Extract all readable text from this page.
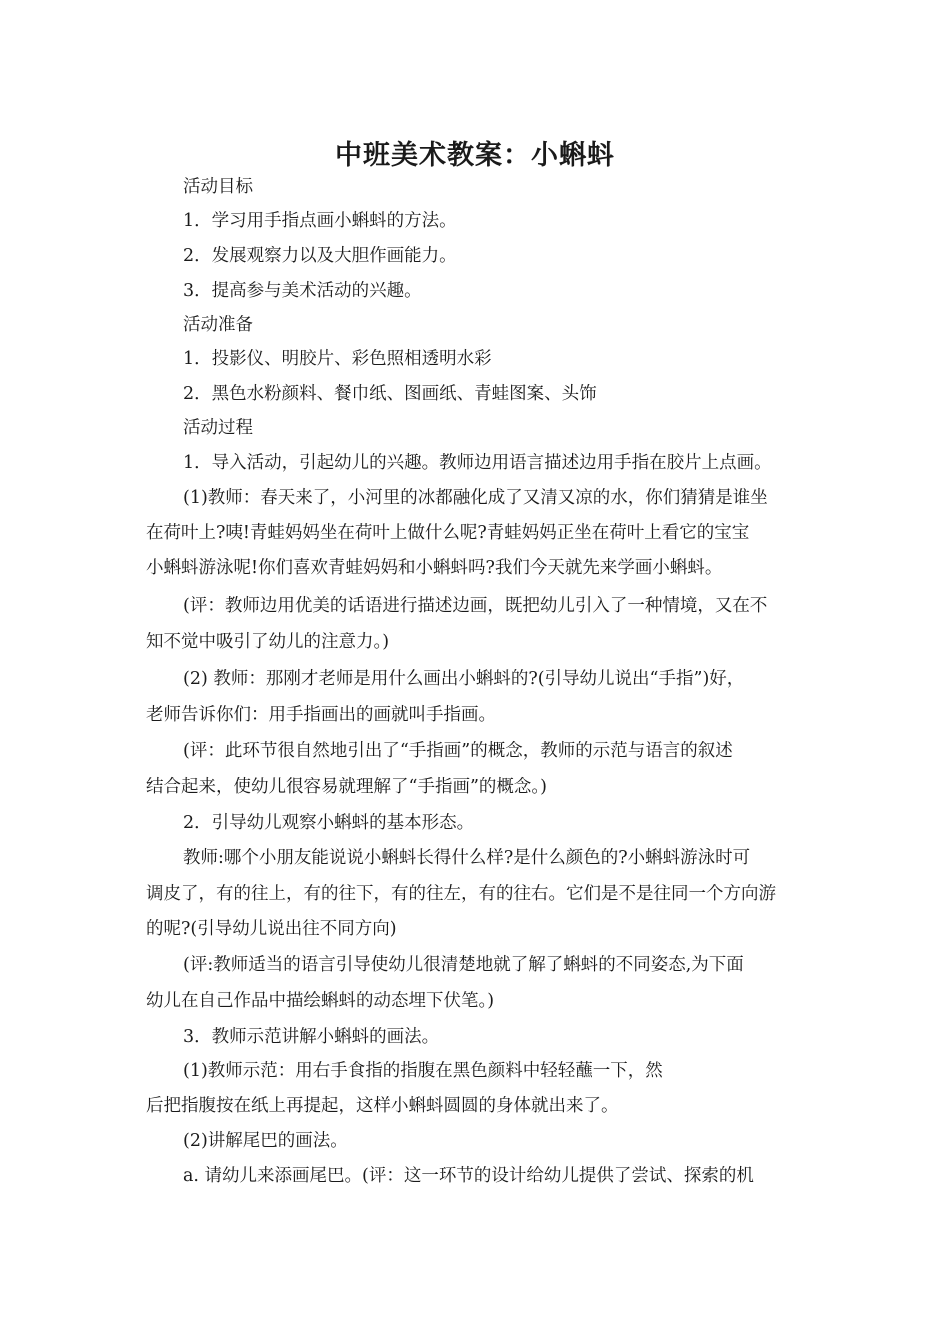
中班美术教案：小蝌蚪
活动目标
1．学习用手指点画小蝌蚪的方法。
2．发展观察力以及大胆作画能力。
3．提高参与美术活动的兴趣。
活动准备
1．投影仪、明胶片、彩色照相透明水彩
2．黑色水粉颜料、餐巾纸、图画纸、青蛙图案、头饰
活动过程
1．导入活动，引起幼儿的兴趣。教师边用语言描述边用手指在胶片上点画。
(1)教师：春天来了，小河里的冰都融化成了又清又凉的水，你们猜猜是谁坐
在荷叶上?咦!青蛙妈妈坐在荷叶上做什么呢?青蛙妈妈正坐在荷叶上看它的宝宝
小蝌蚪游泳呢!你们喜欢青蛙妈妈和小蝌蚪吗?我们今天就先来学画小蝌蚪。
(评：教师边用优美的话语进行描述边画，既把幼儿引入了一种情境，又在不
知不觉中吸引了幼儿的注意力。)
(2) 教师：那刚才老师是用什么画出小蝌蚪的?(引导幼儿说出“手指”)好，
老师告诉你们：用手指画出的画就叫手指画。
(评：此环节很自然地引出了“手指画”的概念，教师的示范与语言的叙述
结合起来，使幼儿很容易就理解了“手指画”的概念。)
2．引导幼儿观察小蝌蚪的基本形态。
教师:哪个小朋友能说说小蝌蚪长得什么样?是什么颜色的?小蝌蚪游泳时可
调皮了，有的往上，有的往下，有的往左，有的往右。它们是不是往同一个方向游
的呢?(引导幼儿说出往不同方向)
(评:教师适当的语言引导使幼儿很清楚地就了解了蝌蚪的不同姿态,为下面
幼儿在自己作品中描绘蝌蚪的动态埋下伏笔。)
3．教师示范讲解小蝌蚪的画法。
(1)教师示范：用右手食指的指腹在黑色颜料中轻轻蘸一下，然
后把指腹按在纸上再提起，这样小蝌蚪圆圆的身体就出来了。
(2)讲解尾巴的画法。
a. 请幼儿来添画尾巴。(评：这一环节的设计给幼儿提供了尝试、探索的机
